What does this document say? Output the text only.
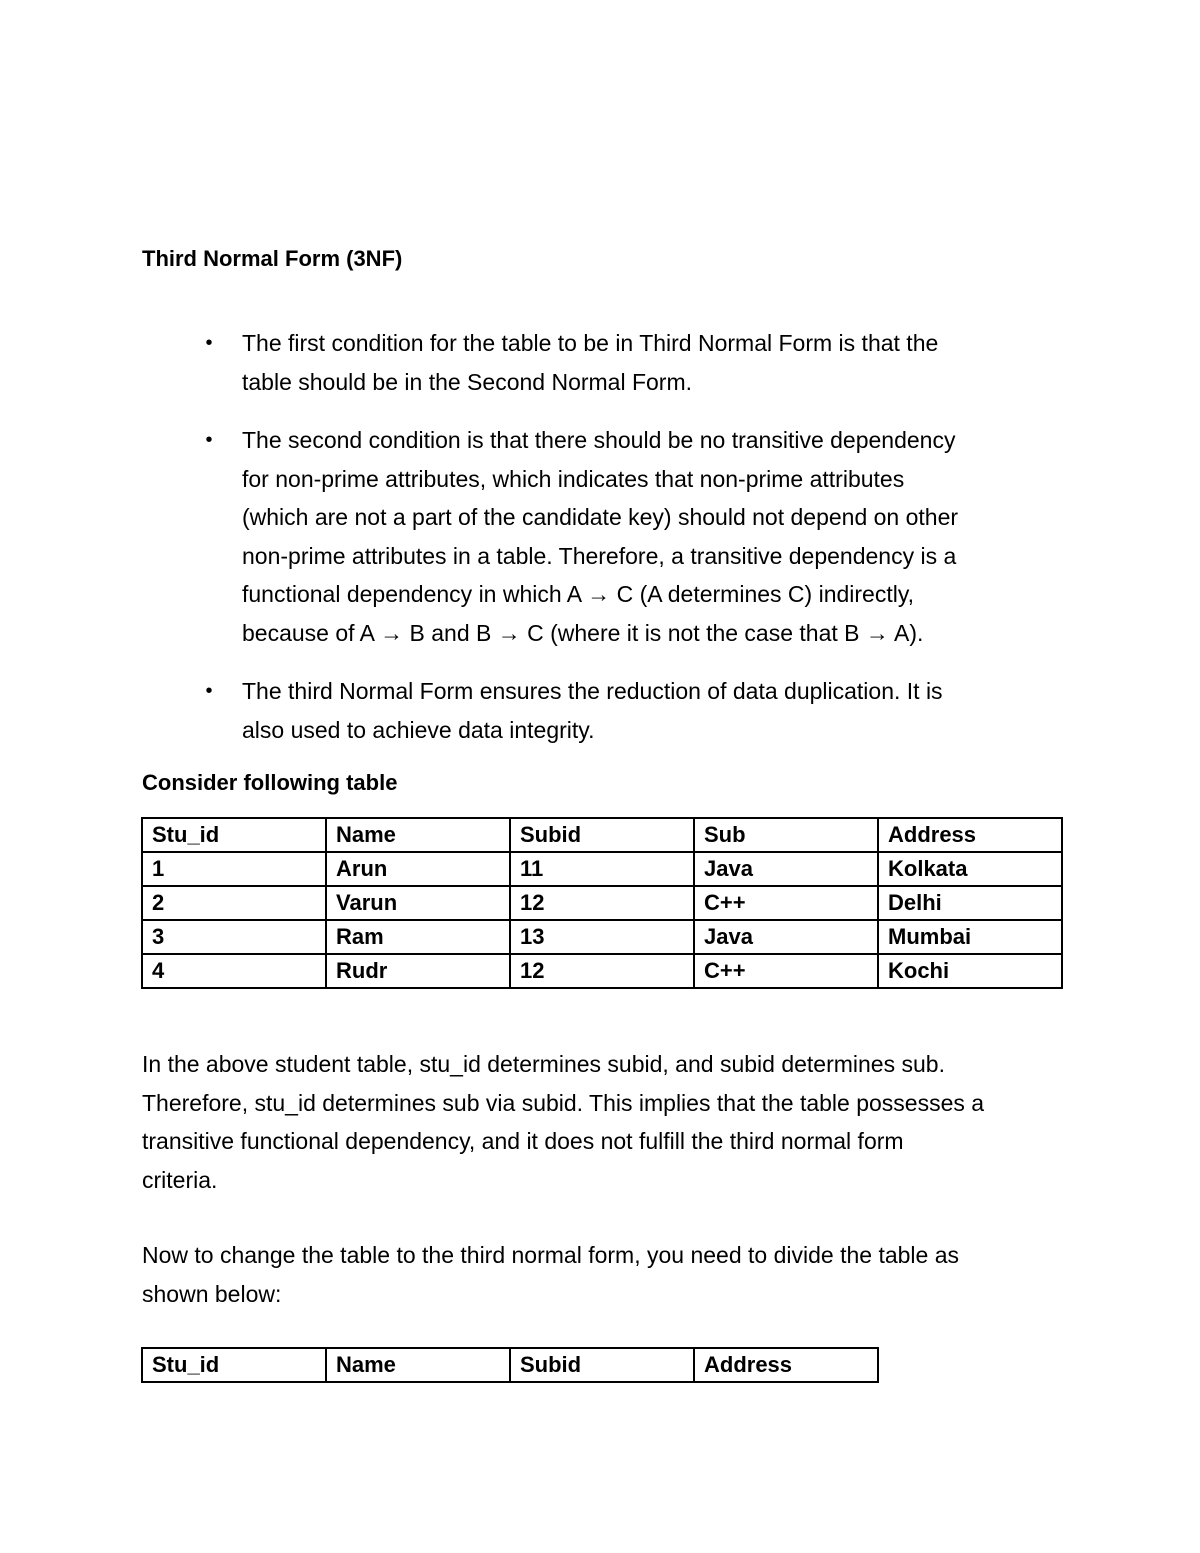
Third Normal Form (3NF)
• The first condition for the table to be in Third Normal Form is that the
table should be in the Second Normal Form.
• The second condition is that there should be no transitive dependency
for non-prime attributes, which indicates that non-prime attributes
(which are not a part of the candidate key) should not depend on other
non-prime attributes in a table. Therefore, a transitive dependency is a
functional dependency in which A → C (A determines C) indirectly,
because of A → B and B → C (where it is not the case that B → A).
• The third Normal Form ensures the reduction of data duplication. It is
also used to achieve data integrity.
Consider following table
Stu_id	Name	Subid	Sub	Address
1	Arun	11	Java	Kolkata
2	Varun	12	C++	Delhi
3	Ram	13	Java	Mumbai
4	Rudr	12	C++	Kochi

In the above student table, stu_id determines subid, and subid determines sub.
Therefore, stu_id determines sub via subid. This implies that the table possesses a
transitive functional dependency, and it does not fulfill the third normal form
criteria.

Now to change the table to the third normal form, you need to divide the table as
shown below:

Stu_id	Name	Subid	Address
